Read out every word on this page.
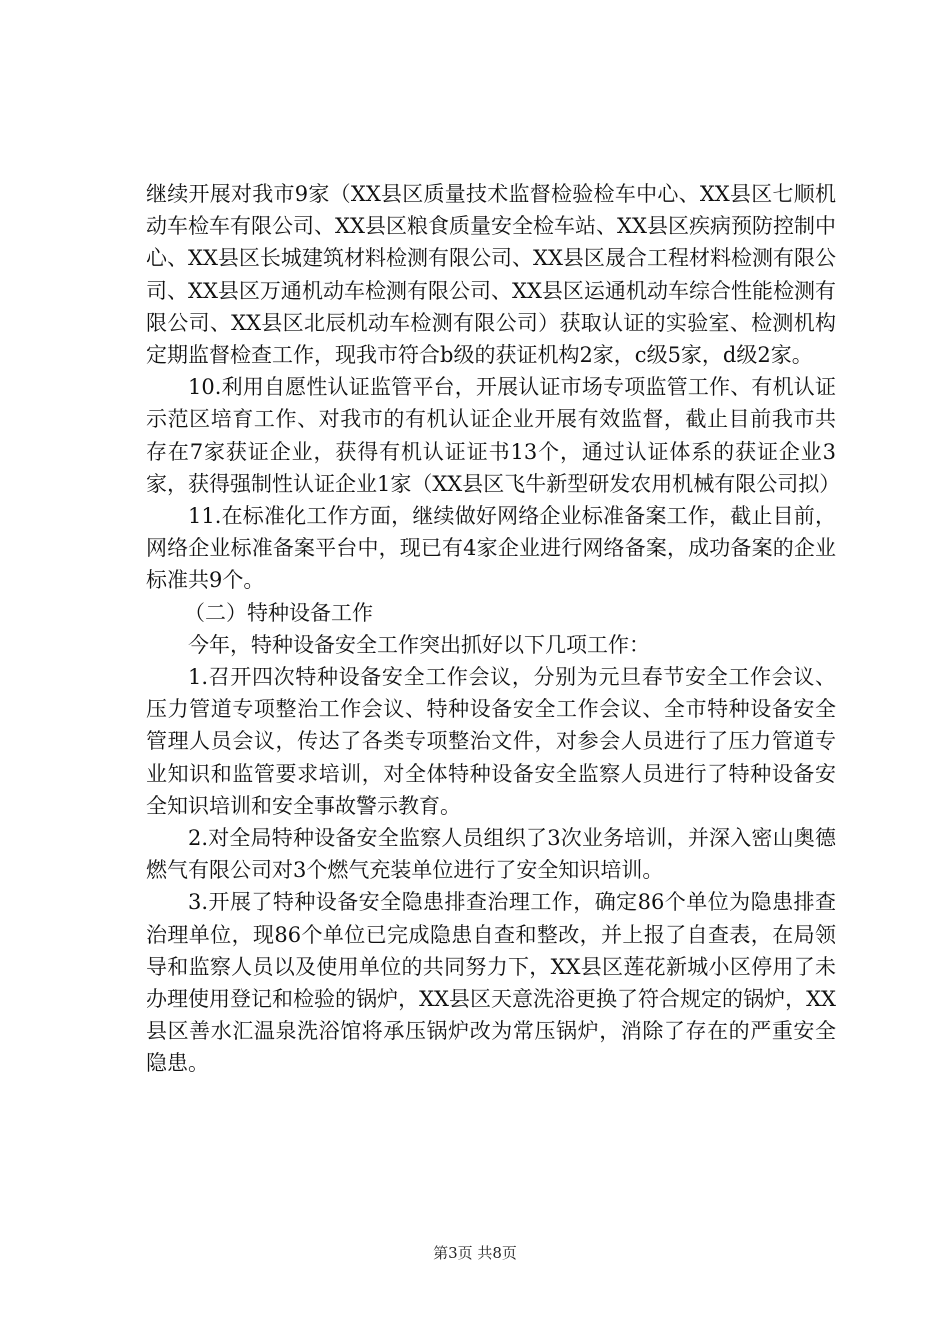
继续开展对我市9家（XX县区质量技术监督检验检车中心、XX县区七顺机动车检车有限公司、XX县区粮食质量安全检车站、XX县区疾病预防控制中心、XX县区长城建筑材料检测有限公司、XX县区晟合工程材料检测有限公司、XX县区万通机动车检测有限公司、XX县区运通机动车综合性能检测有限公司、XX县区北辰机动车检测有限公司）获取认证的实验室、检测机构定期监督检查工作，现我市符合b级的获证机构2家，c级5家，d级2家。

10.利用自愿性认证监管平台，开展认证市场专项监管工作、有机认证示范区培育工作、对我市的有机认证企业开展有效监督，截止目前我市共存在7家获证企业，获得有机认证证书13个，通过认证体系的获证企业3家，获得强制性认证企业1家（XX县区飞牛新型研发农用机械有限公司拟）

11.在标准化工作方面，继续做好网络企业标准备案工作，截止目前，网络企业标准备案平台中，现已有4家企业进行网络备案，成功备案的企业标准共9个。

（二）特种设备工作

今年，特种设备安全工作突出抓好以下几项工作：

1.召开四次特种设备安全工作会议，分别为元旦春节安全工作会议、压力管道专项整治工作会议、特种设备安全工作会议、全市特种设备安全管理人员会议，传达了各类专项整治文件，对参会人员进行了压力管道专业知识和监管要求培训，对全体特种设备安全监察人员进行了特种设备安全知识培训和安全事故警示教育。

2.对全局特种设备安全监察人员组织了3次业务培训，并深入密山奥德燃气有限公司对3个燃气充装单位进行了安全知识培训。

3.开展了特种设备安全隐患排查治理工作，确定86个单位为隐患排查治理单位，现86个单位已完成隐患自查和整改，并上报了自查表，在局领导和监察人员以及使用单位的共同努力下，XX县区莲花新城小区停用了未办理使用登记和检验的锅炉，XX县区天意洗浴更换了符合规定的锅炉，XX县区善水汇温泉洗浴馆将承压锅炉改为常压锅炉，消除了存在的严重安全隐患。

第3页 共8页
